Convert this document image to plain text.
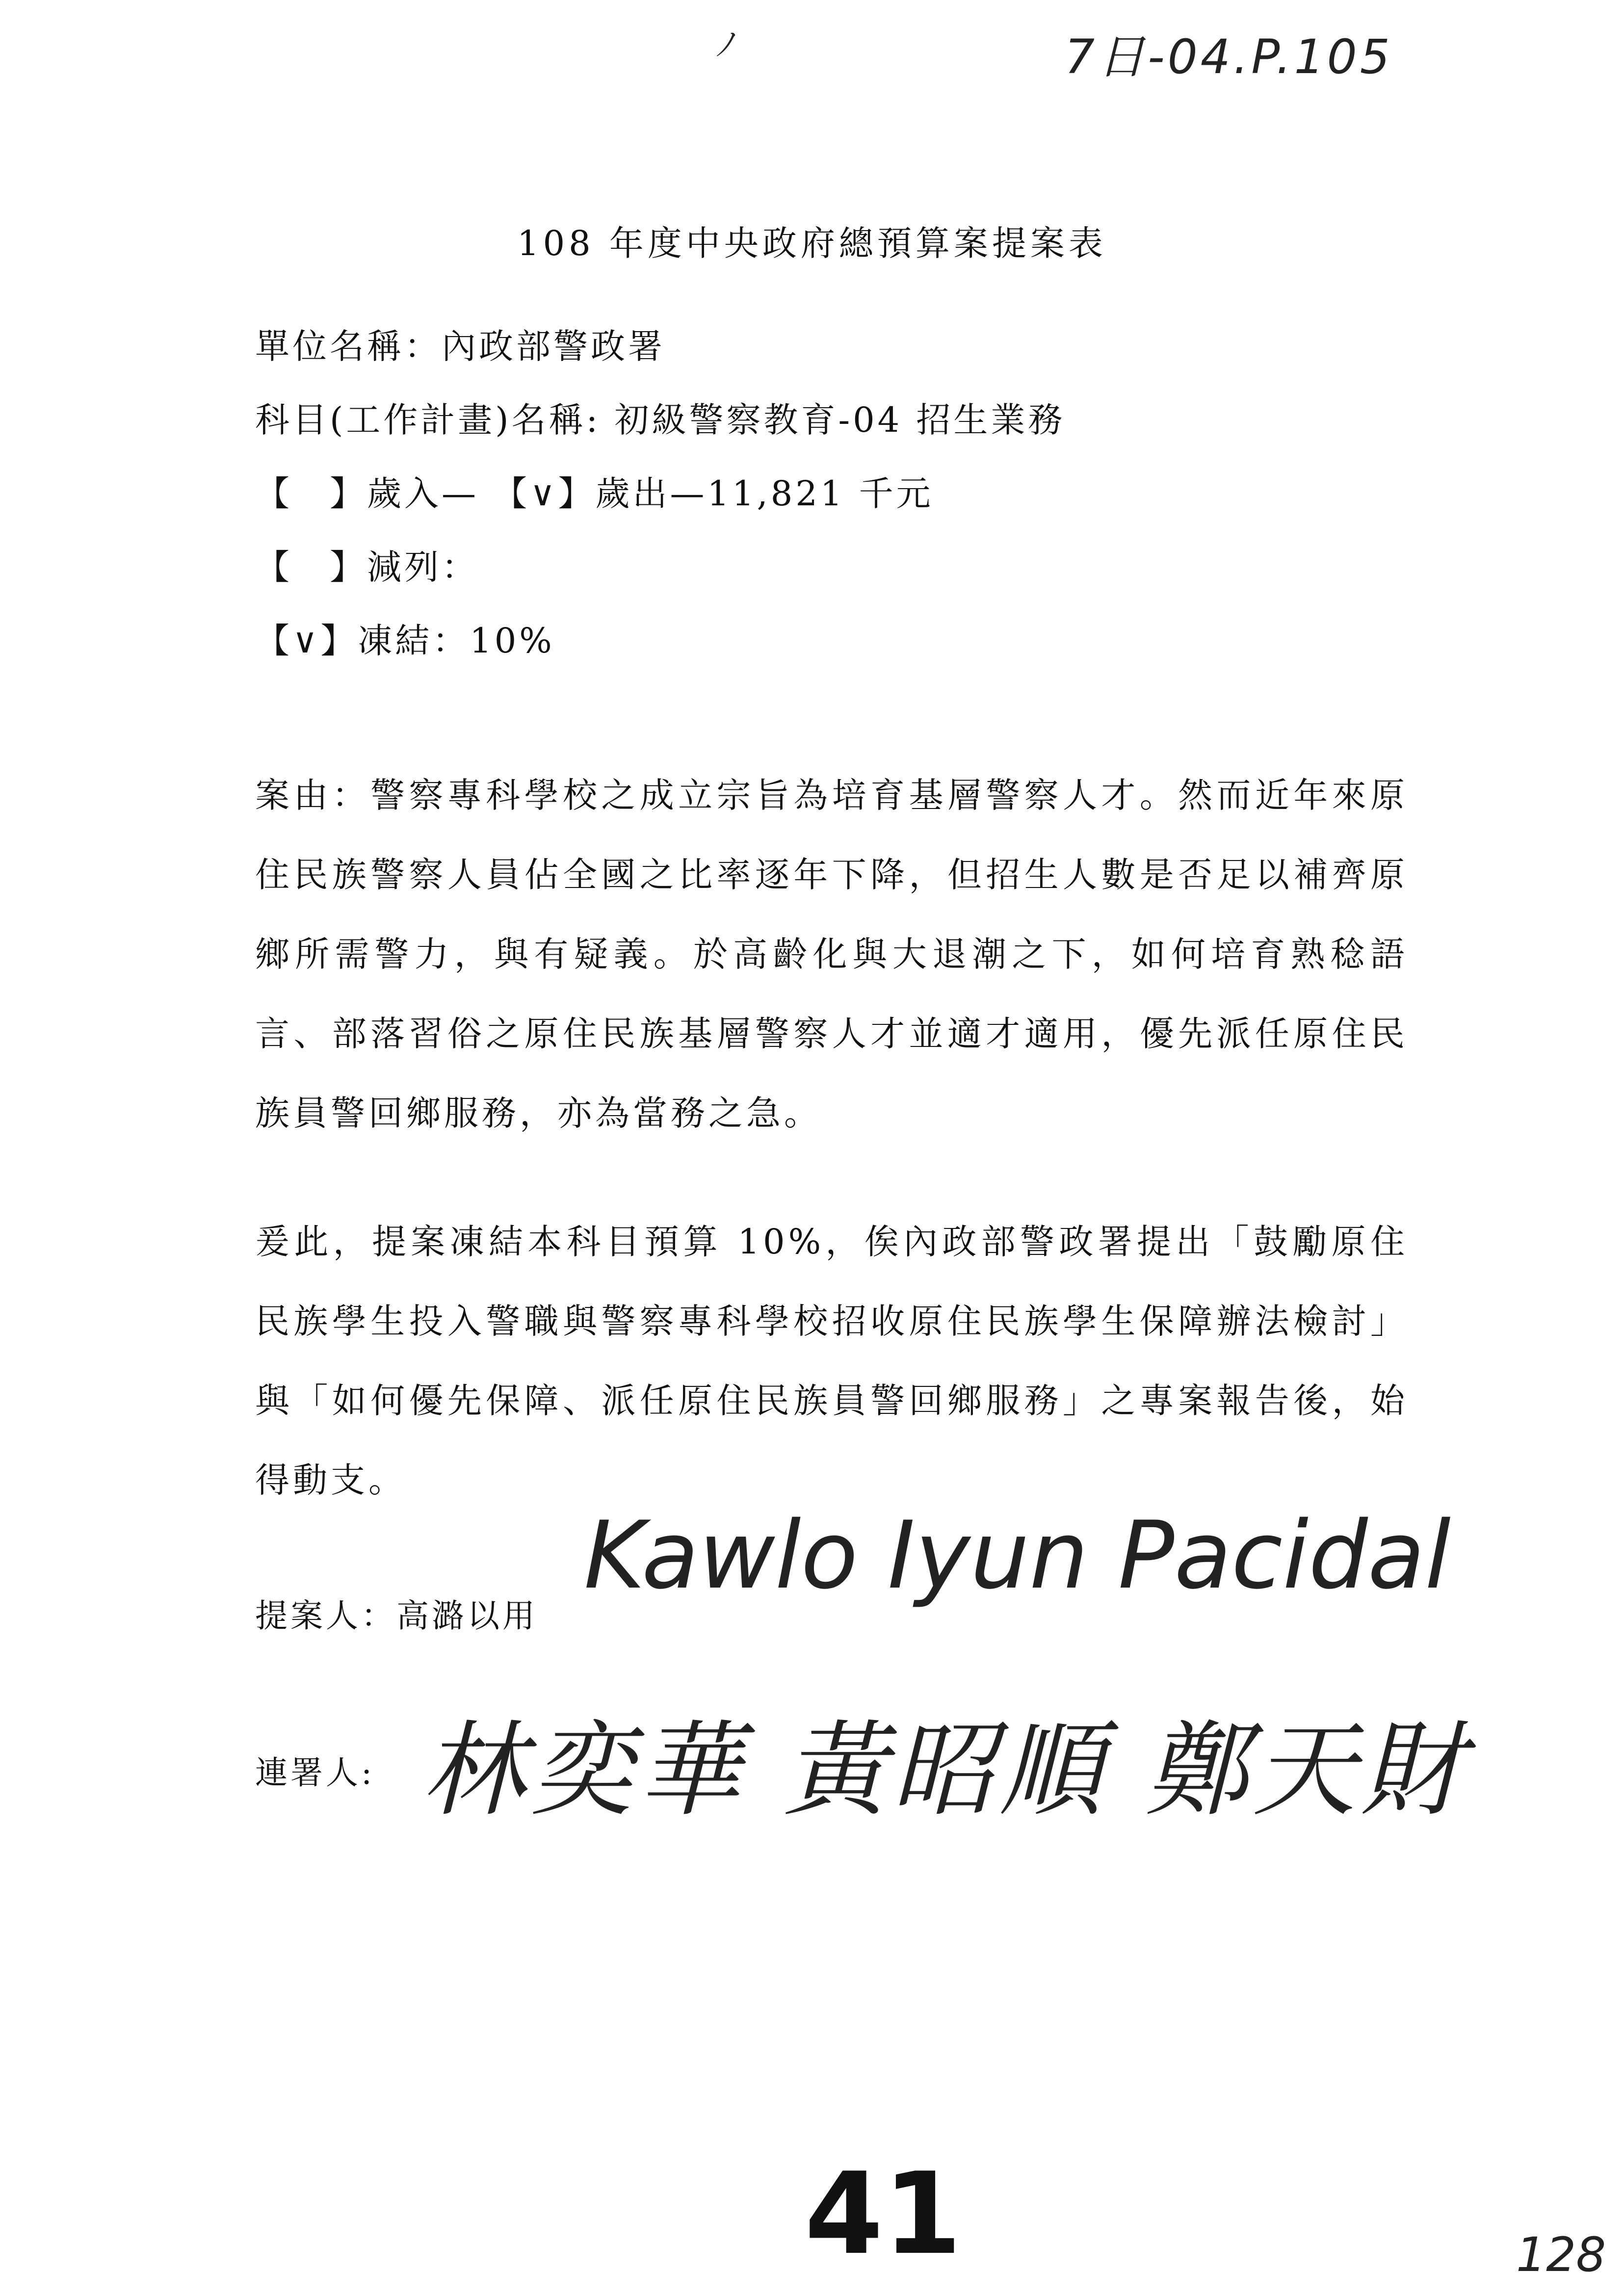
ﾉ	7日-04.P.105
108 年度中央政府總預算案提案表
單位名稱：內政部警政署
科目(工作計畫)名稱: 初級警察教育-04 招生業務
【　】歲入— 【∨】歲出—11,821 千元
【　】減列：
【∨】凍結：10%

案由：警察專科學校之成立宗旨為培育基層警察人才。然而近年來原住民族警察人員佔全國之比率逐年下降，但招生人數是否足以補齊原鄉所需警力，與有疑義。於高齡化與大退潮之下，如何培育熟稔語言、部落習俗之原住民族基層警察人才並適才適用，優先派任原住民族員警回鄉服務，亦為當務之急。

爰此，提案凍結本科目預算 10%，俟內政部警政署提出「鼓勵原住民族學生投入警職與警察專科學校招收原住民族學生保障辦法檢討」與「如何優先保障、派任原住民族員警回鄉服務」之專案報告後，始得動支。

提案人：高潞以用
Kawlo Iyun Pacidal
連署人: 林奕華 黃昭順 鄭天財
41	128
